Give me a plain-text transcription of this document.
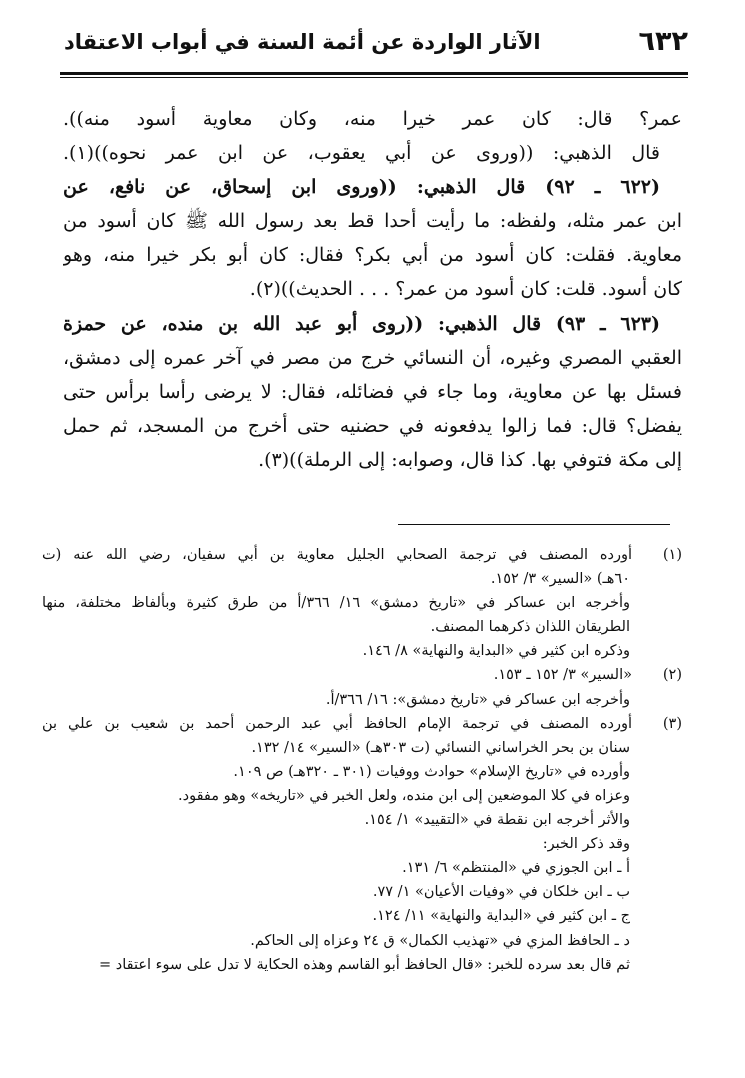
٦٣٢
الآثار الواردة عن أئمة السنة في أبواب الاعتقاد
عمر؟ قال: كان عمر خيرا منه، وكان معاوية أسود منه)).
قال الذهبي: ((وروى عن أبي يعقوب، عن ابن عمر نحوه))(١).
(٦٢٢ ـ ٩٢) قال الذهبي: ((وروى ابن إسحاق، عن نافع، عن
ابن عمر مثله، ولفظه: ما رأيت أحدا قط بعد رسول الله ﷺ كان أسود من
معاوية. فقلت: كان أسود من أبي بكر؟ فقال: كان أبو بكر خيرا منه، وهو
كان أسود. قلت: كان أسود من عمر؟ . . . الحديث))(٢).
(٦٢٣ ـ ٩٣) قال الذهبي: ((روى أبو عبد الله بن منده، عن حمزة
العقبي المصري وغيره، أن النسائي خرج من مصر في آخر عمره إلى دمشق،
فسئل بها عن معاوية، وما جاء في فضائله، فقال: لا يرضى رأسا برأس حتى
يفضل؟ قال: فما زالوا يدفعونه في حضنيه حتى أخرج من المسجد، ثم حمل
إلى مكة فتوفي بها. كذا قال، وصوابه: إلى الرملة))(٣).
( ١ )أورده المصنف في ترجمة الصحابي الجليل معاوية بن أبي سفيان، رضي الله عنه (ت
٦٠هـ) «السير» ٣/ ١٥٢.
وأخرجه ابن عساكر في «تاريخ دمشق» ١٦/ ٣٦٦/أ من طرق كثيرة وبألفاظ مختلفة، منها
الطريقان اللذان ذكرهما المصنف.
وذكره ابن كثير في «البداية والنهاية» ٨/ ١٤٦.
( ٢ )«السير» ٣/ ١٥٢ ـ ١٥٣.
وأخرجه ابن عساكر في «تاريخ دمشق»: ١٦/ ٣٦٦/أ.
( ٣ )أورده المصنف في ترجمة الإمام الحافظ أبي عبد الرحمن أحمد بن شعيب بن علي بن
سنان بن بحر الخراساني النسائي (ت ٣٠٣هـ) «السير» ١٤/ ١٣٢.
وأورده في «تاريخ الإسلام» حوادث ووفيات (٣٠١ ـ ٣٢٠هـ) ص ١٠٩.
وعزاه في كلا الموضعين إلى ابن منده، ولعل الخبر في «تاريخه» وهو مفقود.
والأثر أخرجه ابن نقطة في «التقييد» ١/ ١٥٤.
وقد ذكر الخبر:
أ ـ ابن الجوزي في «المنتظم» ٦/ ١٣١.
ب ـ ابن خلكان في «وفيات الأعيان» ١/ ٧٧.
ج ـ ابن كثير في «البداية والنهاية» ١١/ ١٢٤.
د ـ الحافظ المزي في «تهذيب الكمال» ق ٢٤ وعزاه إلى الحاكم.
ثم قال بعد سرده للخبر: «قال الحافظ أبو القاسم وهذه الحكاية لا تدل على سوء اعتقاد =
